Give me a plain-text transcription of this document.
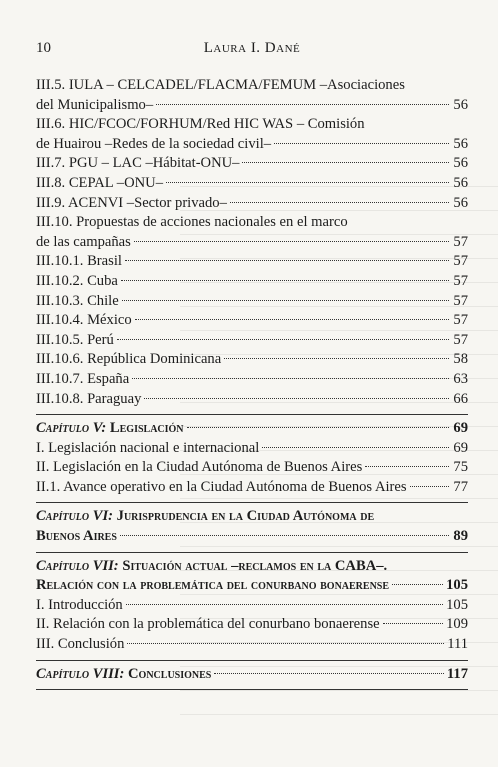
10	Laura I. Dané
III.5. IULA – CELCADEL/FLACMA/FEMUM –Asociaciones
del Municipalismo–	56
III.6. HIC/FCOC/FORHUM/Red HIC WAS – Comisión
de Huairou –Redes de la sociedad civil–	56
III.7. PGU – LAC –Hábitat-ONU–	56
III.8. CEPAL –ONU–	56
III.9. ACENVI –Sector privado–	56
III.10. Propuestas de acciones nacionales en el marco
de las campañas	57
III.10.1. Brasil	57
III.10.2. Cuba	57
III.10.3. Chile	57
III.10.4. México	57
III.10.5. Perú	57
III.10.6. República Dominicana	58
III.10.7. España	63
III.10.8. Paraguay	66
Capítulo V: Legislación	69
I. Legislación nacional e internacional	69
II. Legislación en la Ciudad Autónoma de Buenos Aires	75
II.1. Avance operativo en la Ciudad Autónoma de Buenos Aires	77
Capítulo VI: Jurisprudencia en la Ciudad Autónoma de
Buenos Aires	89
Capítulo VII: Situación actual –reclamos en la CABA–.
Relación con la problemática del conurbano bonaerense	105
I. Introducción	105
II. Relación con la problemática del conurbano bonaerense	109
III. Conclusión	111
Capítulo VIII: Conclusiones	117
